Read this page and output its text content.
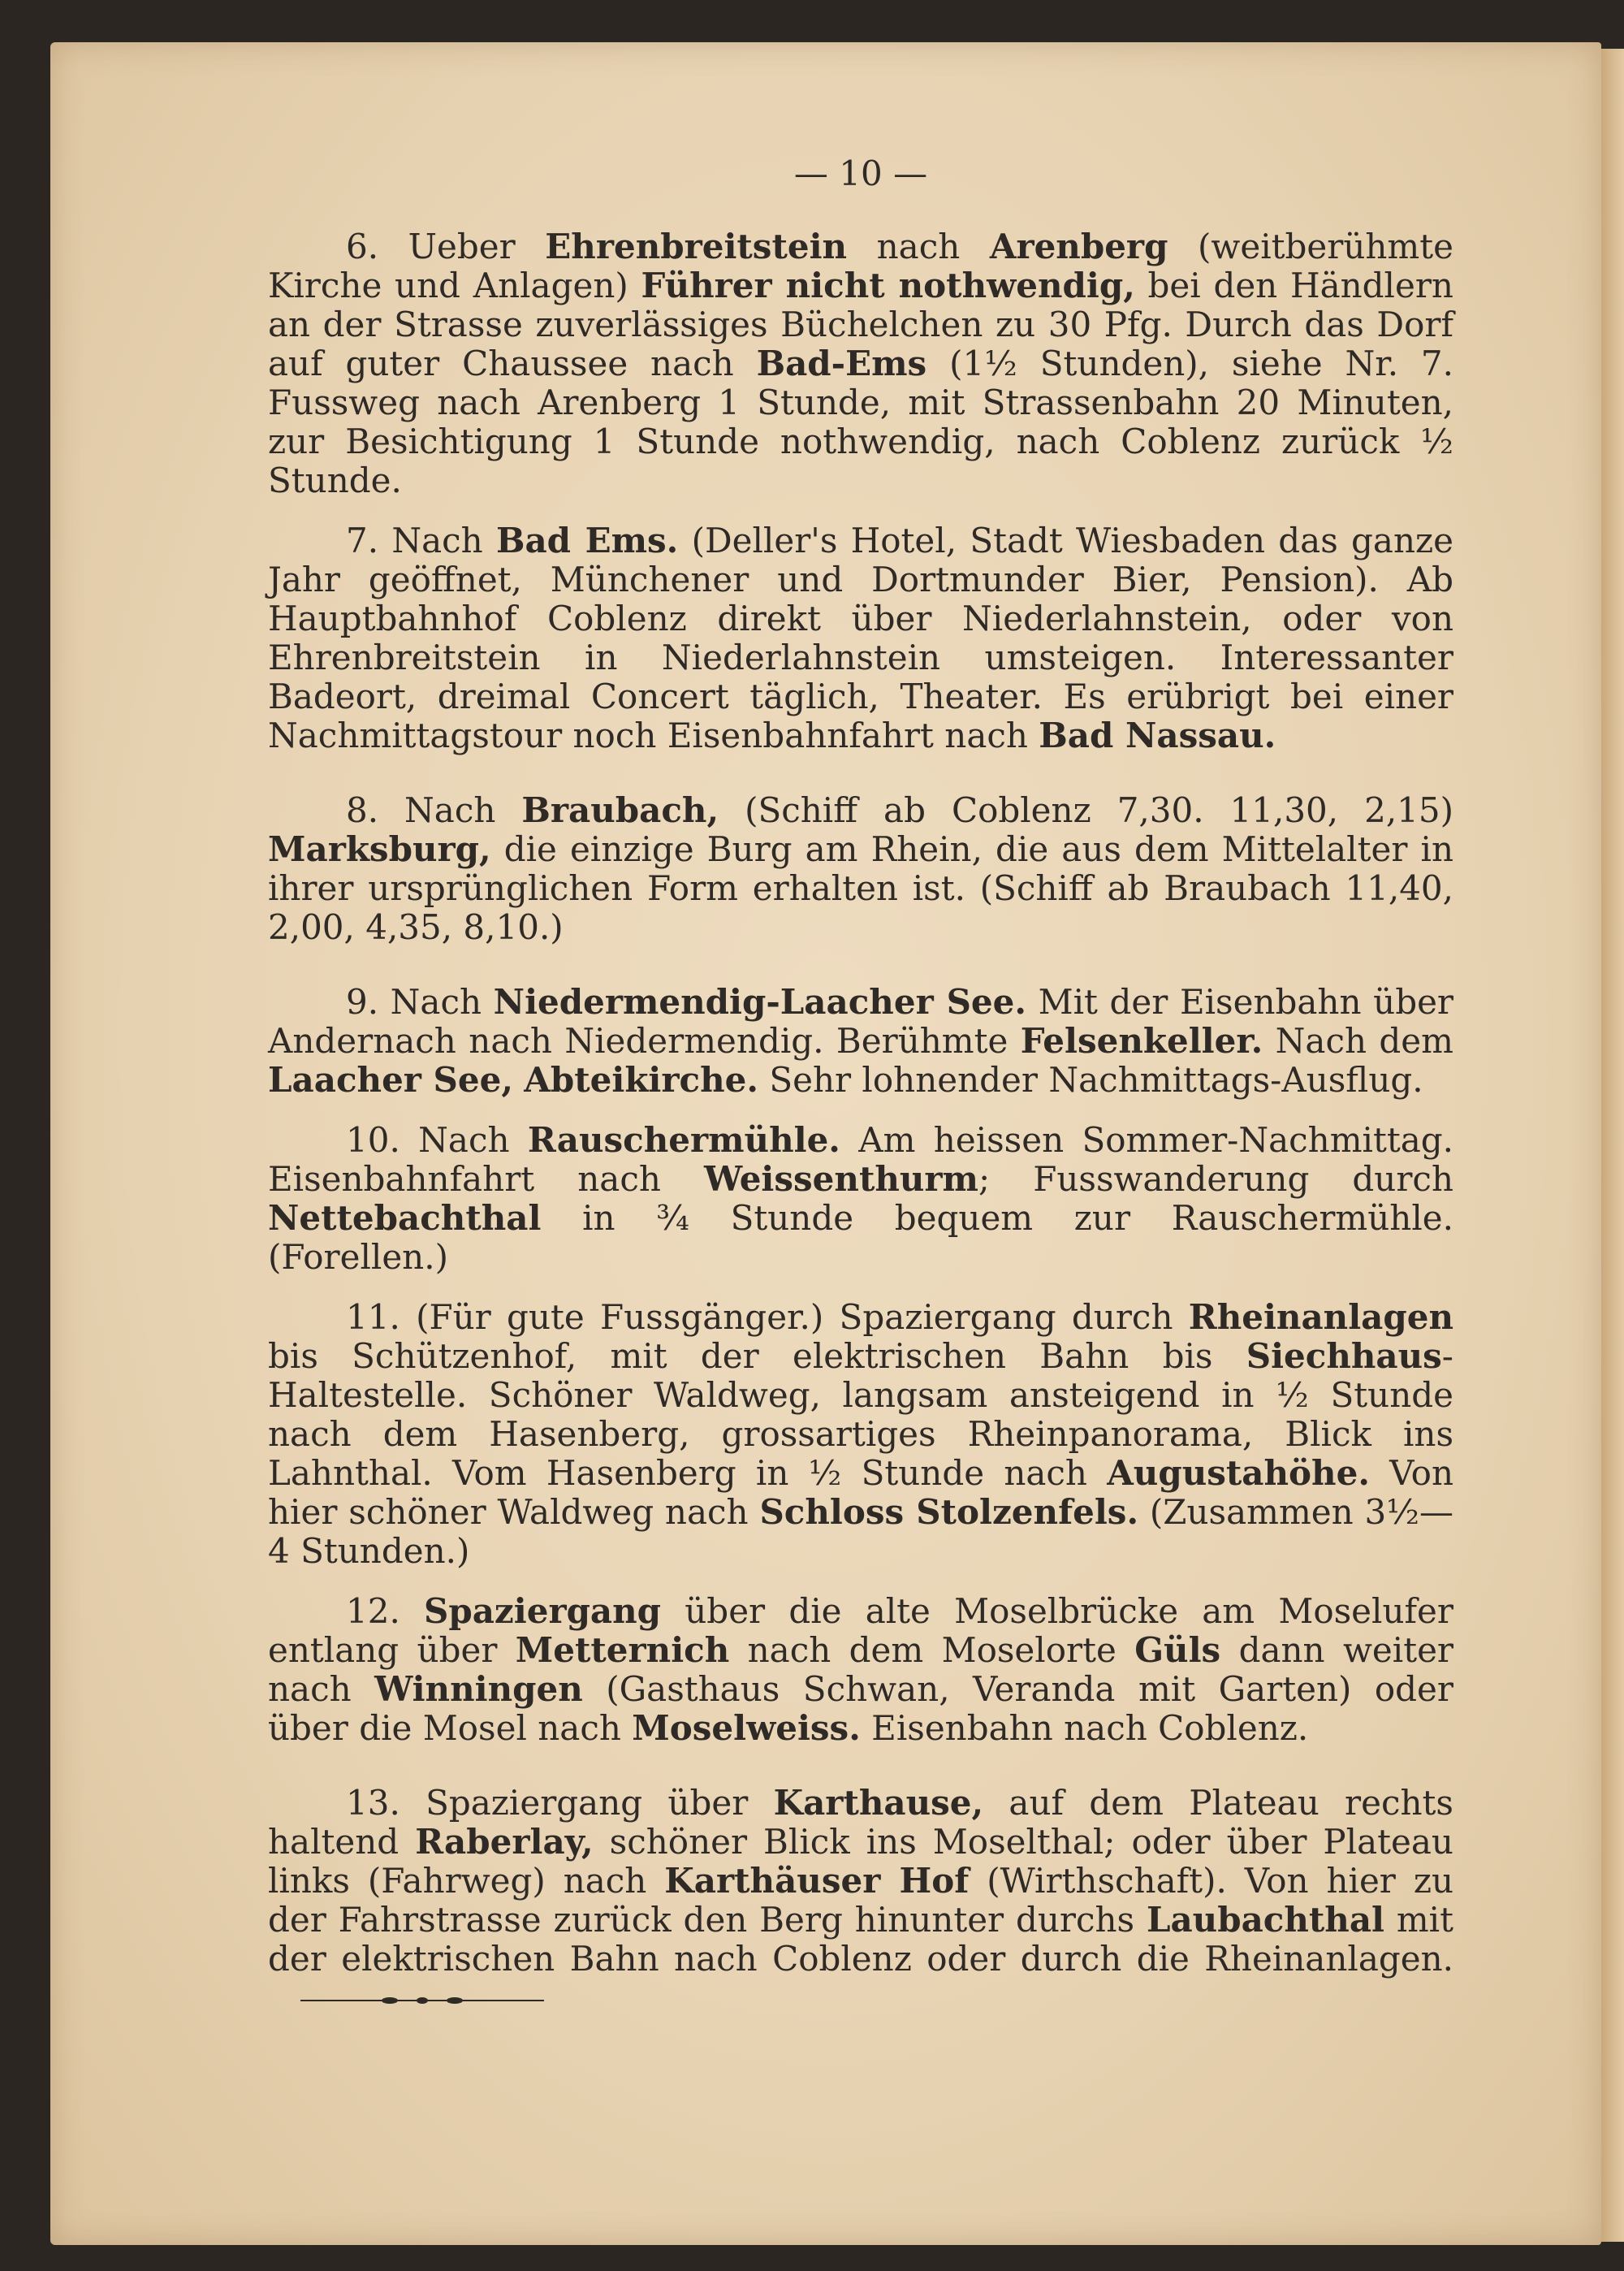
— 10 —

6. Ueber Ehrenbreitstein nach Arenberg (weitberühmte Kirche und Anlagen) Führer nicht nothwendig, bei den Händlern an der Strasse zuverlässiges Büchelchen zu 30 Pfg. Durch das Dorf auf guter Chaussee nach Bad-Ems (1½ Stunden), siehe Nr. 7. Fussweg nach Arenberg 1 Stunde, mit Strassenbahn 20 Minuten, zur Besichtigung 1 Stunde nothwendig, nach Coblenz zurück ½ Stunde.

7. Nach Bad Ems. (Deller's Hotel, Stadt Wiesbaden das ganze Jahr geöffnet, Münchener und Dortmunder Bier, Pension). Ab Hauptbahnhof Coblenz direkt über Niederlahnstein, oder von Ehrenbreitstein in Niederlahnstein umsteigen. Interessanter Badeort, dreimal Concert täglich, Theater. Es erübrigt bei einer Nachmittagstour noch Eisenbahnfahrt nach Bad Nassau.

8. Nach Braubach, (Schiff ab Coblenz 7,30. 11,30, 2,15) Marksburg, die einzige Burg am Rhein, die aus dem Mittelalter in ihrer ursprünglichen Form erhalten ist. (Schiff ab Braubach 11,40, 2,00, 4,35, 8,10.)

9. Nach Niedermendig-Laacher See. Mit der Eisenbahn über Andernach nach Niedermendig. Berühmte Felsenkeller. Nach dem Laacher See, Abteikirche. Sehr lohnender Nachmittags-Ausflug.

10. Nach Rauschermühle. Am heissen Sommer-Nachmittag. Eisenbahnfahrt nach Weissenthurm; Fusswanderung durch Nettebachthal in ¾ Stunde bequem zur Rauschermühle. (Forellen.)

11. (Für gute Fussgänger.) Spaziergang durch Rheinanlagen bis Schützenhof, mit der elektrischen Bahn bis Siechhaus-Haltestelle. Schöner Waldweg, langsam ansteigend in ½ Stunde nach dem Hasenberg, grossartiges Rheinpanorama, Blick ins Lahnthal. Vom Hasenberg in ½ Stunde nach Augustahöhe. Von hier schöner Waldweg nach Schloss Stolzenfels. (Zusammen 3½—4 Stunden.)

12. Spaziergang über die alte Moselbrücke am Moselufer entlang über Metternich nach dem Moselorte Güls dann weiter nach Winningen (Gasthaus Schwan, Veranda mit Garten) oder über die Mosel nach Moselweiss. Eisenbahn nach Coblenz.

13. Spaziergang über Karthause, auf dem Plateau rechts haltend Raberlay, schöner Blick ins Moselthal; oder über Plateau links (Fahrweg) nach Karthäuser Hof (Wirthschaft). Von hier zu der Fahrstrasse zurück den Berg hinunter durchs Laubachthal mit der elektrischen Bahn nach Coblenz oder durch die Rheinanlagen.
